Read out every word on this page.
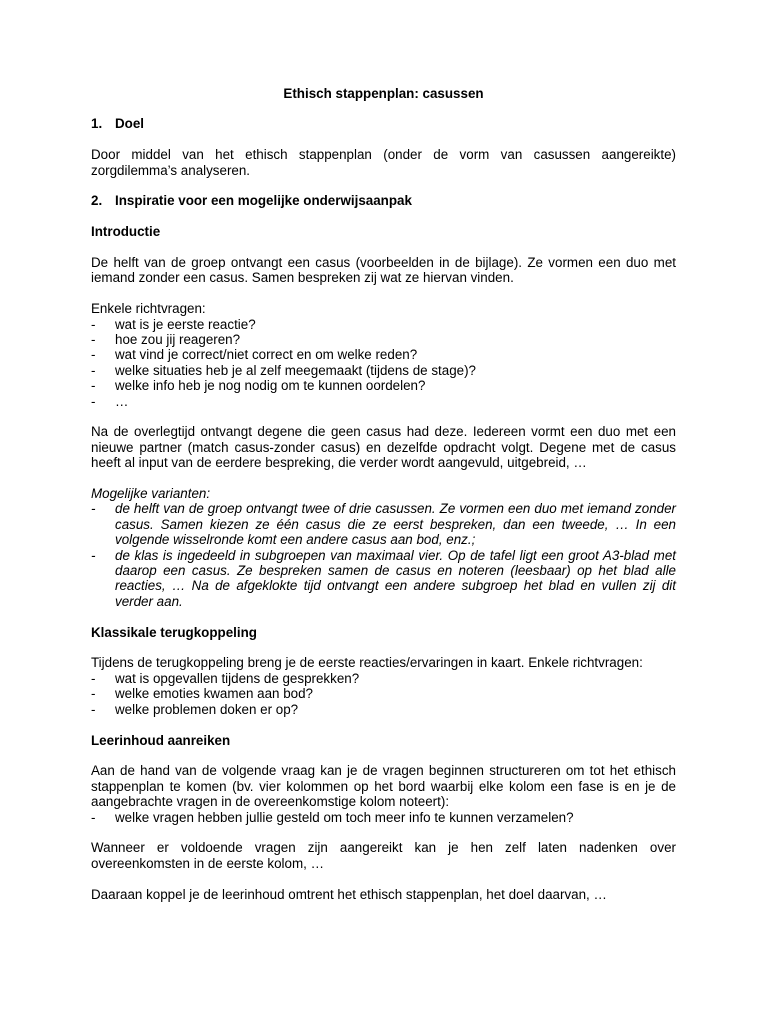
Ethisch stappenplan: casussen
1. Doel

Door middel van het ethisch stappenplan (onder de vorm van casussen aangereikte) zorgdilemma’s analyseren.

2. Inspiratie voor een mogelijke onderwijsaanpak
Introductie

De helft van de groep ontvangt een casus (voorbeelden in de bijlage). Ze vormen een duo met iemand zonder een casus. Samen bespreken zij wat ze hiervan vinden.

Enkele richtvragen:

- wat is je eerste reactie?
- hoe zou jij reageren?
- wat vind je correct/niet correct en om welke reden?
- welke situaties heb je al zelf meegemaakt (tijdens de stage)?
- welke info heb je nog nodig om te kunnen oordelen?
- …

Na de overlegtijd ontvangt degene die geen casus had deze. Iedereen vormt een duo met een nieuwe partner (match casus-zonder casus) en dezelfde opdracht volgt. Degene met de casus heeft al input van de eerdere bespreking, die verder wordt aangevuld, uitgebreid, …

Mogelijke varianten:

- de helft van de groep ontvangt twee of drie casussen. Ze vormen een duo met iemand zonder casus. Samen kiezen ze één casus die ze eerst bespreken, dan een tweede, … In een volgende wisselronde komt een andere casus aan bod, enz.;
- de klas is ingedeeld in subgroepen van maximaal vier. Op de tafel ligt een groot A3-blad met daarop een casus. Ze bespreken samen de casus en noteren (leesbaar) op het blad alle reacties, … Na de afgeklokte tijd ontvangt een andere subgroep het blad en vullen zij dit verder aan.
Klassikale terugkoppeling

Tijdens de terugkoppeling breng je de eerste reacties/ervaringen in kaart. Enkele richtvragen:

- wat is opgevallen tijdens de gesprekken?
- welke emoties kwamen aan bod?
- welke problemen doken er op?
Leerinhoud aanreiken

Aan de hand van de volgende vraag kan je de vragen beginnen structureren om tot het ethisch stappenplan te komen (bv. vier kolommen op het bord waarbij elke kolom een fase is en je de aangebrachte vragen in de overeenkomstige kolom noteert):

- welke vragen hebben jullie gesteld om toch meer info te kunnen verzamelen?

Wanneer er voldoende vragen zijn aangereikt kan je hen zelf laten nadenken over overeenkomsten in de eerste kolom, …

Daaraan koppel je de leerinhoud omtrent het ethisch stappenplan, het doel daarvan, …
